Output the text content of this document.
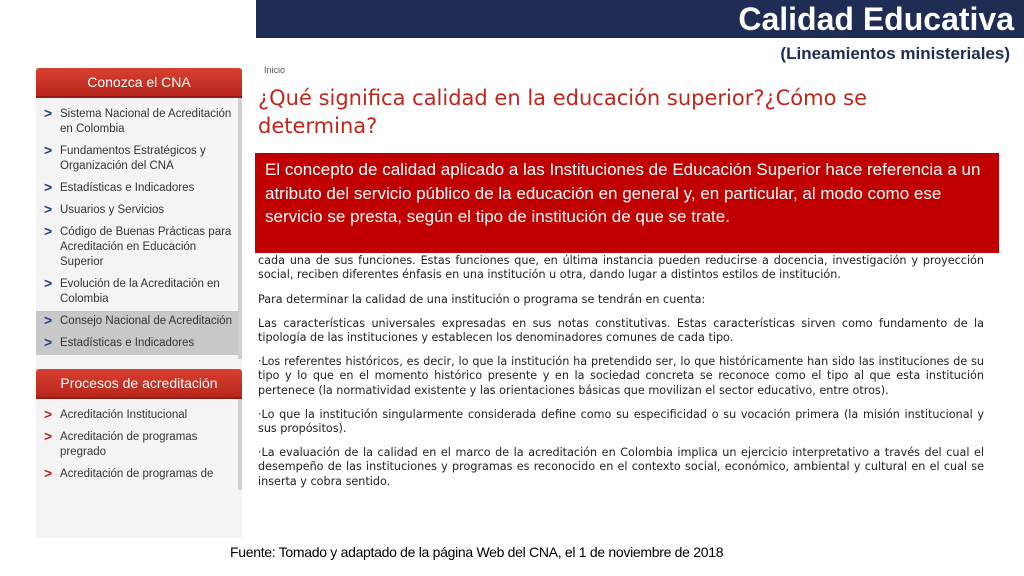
Calidad Educativa
(Lineamientos ministeriales)
Conozca el CNA
> Sistema Nacional de Acreditación en Colombia
> Fundamentos Estratégicos y Organización del CNA
> Estadísticas e Indicadores
> Usuarios y Servicios
> Código de Buenas Prácticas para Acreditación en Educación Superior
> Evolución de la Acreditación en Colombia
> Consejo Nacional de Acreditación
> Estadísticas e Indicadores
Procesos de acreditación
> Acreditación Institucional
> Acreditación de programas pregrado
> Acreditación de programas de
Inicio
¿Qué significa calidad en la educación superior?¿Cómo se determina?

cada una de sus funciones. Estas funciones que, en última instancia pueden reducirse a docencia, investigación y proyección social, reciben diferentes énfasis en una institución u otra, dando lugar a distintos estilos de institución.

Para determinar la calidad de una institución o programa se tendrán en cuenta:

Las características universales expresadas en sus notas constitutivas. Estas características sirven como fundamento de la tipología de las instituciones y establecen los denominadores comunes de cada tipo.

·Los referentes históricos, es decir, lo que la institución ha pretendido ser, lo que históricamente han sido las instituciones de su tipo y lo que en el momento histórico presente y en la sociedad concreta se reconoce como el tipo al que esta institución pertenece (la normatividad existente y las orientaciones básicas que movilizan el sector educativo, entre otros).

·Lo que la institución singularmente considerada define como su especificidad o su vocación primera (la misión institucional y sus propósitos).

·La evaluación de la calidad en el marco de la acreditación en Colombia implica un ejercicio interpretativo a través del cual el desempeño de las instituciones y programas es reconocido en el contexto social, económico, ambiental y cultural en el cual se inserta y cobra sentido.

El concepto de calidad aplicado a las Instituciones de Educación Superior hace referencia a un atributo del servicio público de la educación en general y, en particular, al modo como ese servicio se presta, según el tipo de institución de que se trate.
Fuente: Tomado y adaptado de la página Web del CNA, el 1 de noviembre de 2018
